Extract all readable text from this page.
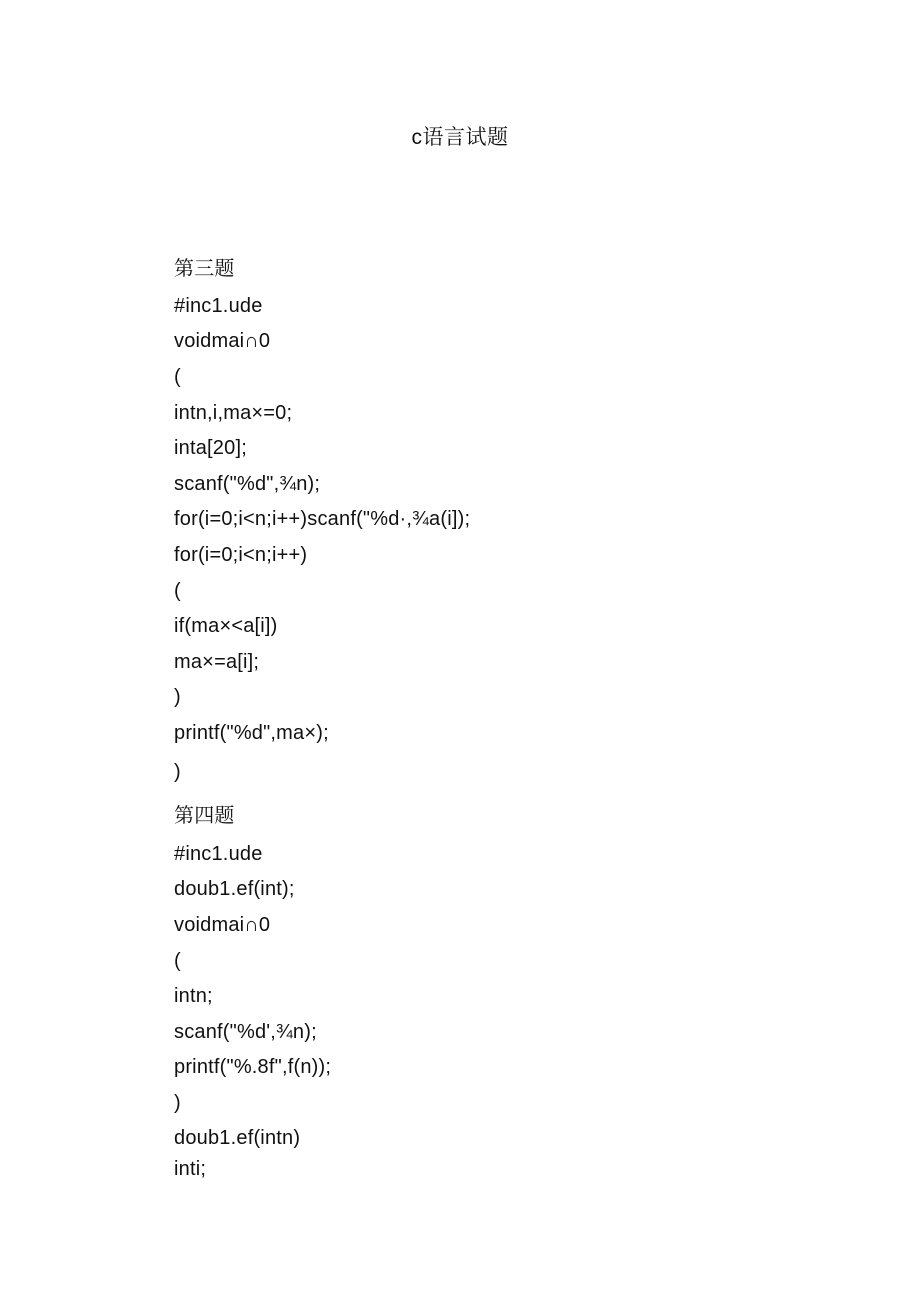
c语言试题
第三题
#inc1.ude
voidmai∩0
(
intn,i,ma×=0;
inta[20];
scanf("%d",¾n);
for(i=0;i<n;i++)scanf("%d·,¾a(i]);
for(i=0;i<n;i++)
(
if(ma×<a[i])
ma×=a[i];
)
printf("%d",ma×);
)
第四题
#inc1.ude
doub1.ef(int);
voidmai∩0
(
intn;
scanf("%d',¾n);
printf("%.8f",f(n));
)
doub1.ef(intn)
inti;
